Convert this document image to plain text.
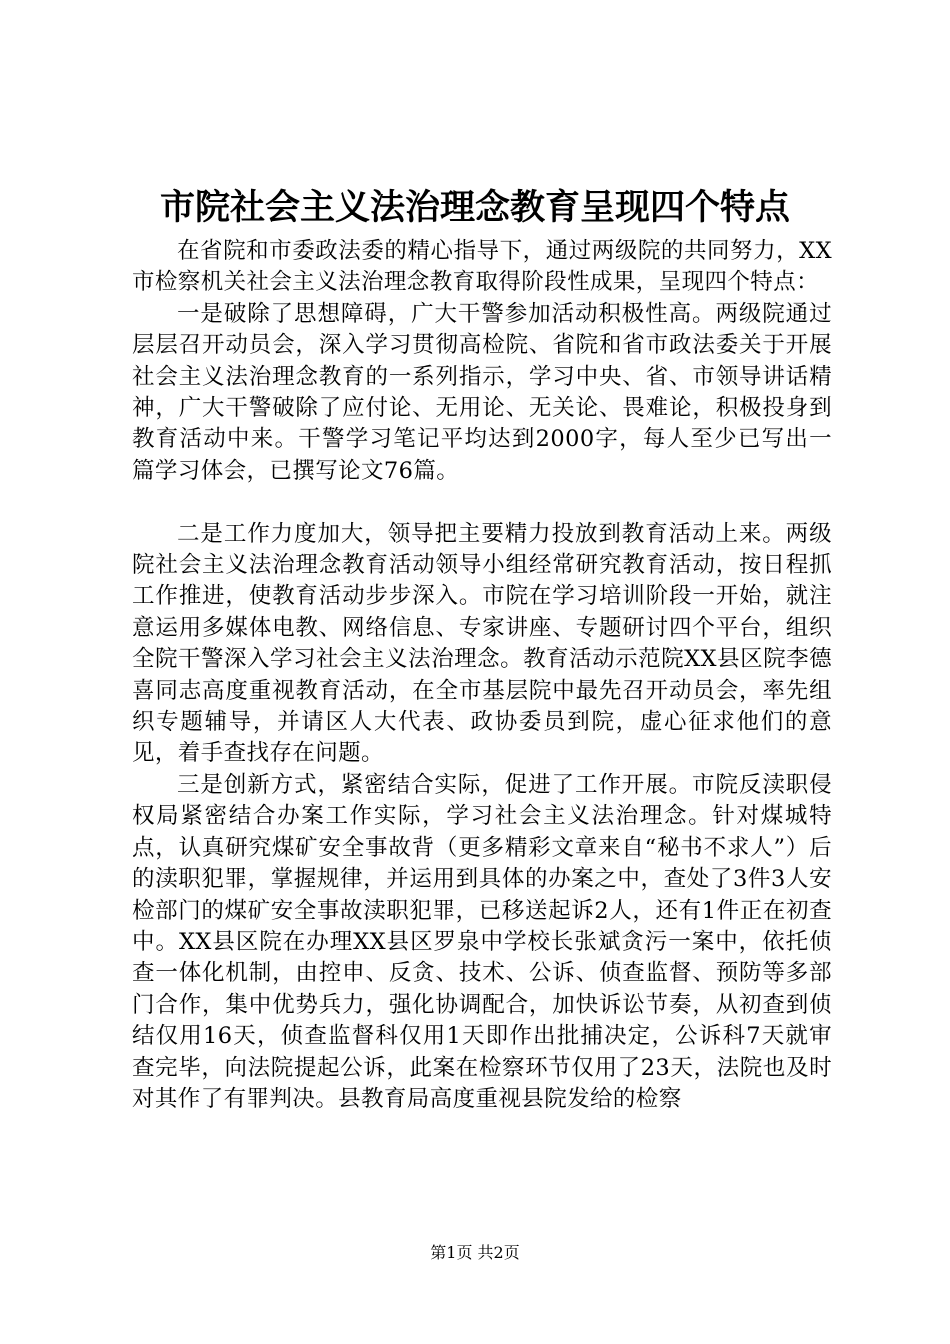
市院社会主义法治理念教育呈现四个特点

在省院和市委政法委的精心指导下，通过两级院的共同努力，XX市检察机关社会主义法治理念教育取得阶段性成果，呈现四个特点：

一是破除了思想障碍，广大干警参加活动积极性高。两级院通过层层召开动员会，深入学习贯彻高检院、省院和省市政法委关于开展社会主义法治理念教育的一系列指示，学习中央、省、市领导讲话精神，广大干警破除了应付论、无用论、无关论、畏难论，积极投身到教育活动中来。干警学习笔记平均达到2000字，每人至少已写出一篇学习体会，已撰写论文76篇。

二是工作力度加大，领导把主要精力投放到教育活动上来。两级院社会主义法治理念教育活动领导小组经常研究教育活动，按日程抓工作推进，使教育活动步步深入。市院在学习培训阶段一开始，就注意运用多媒体电教、网络信息、专家讲座、专题研讨四个平台，组织全院干警深入学习社会主义法治理念。教育活动示范院XX县区院李德喜同志高度重视教育活动，在全市基层院中最先召开动员会，率先组织专题辅导，并请区人大代表、政协委员到院，虚心征求他们的意见，着手查找存在问题。

三是创新方式，紧密结合实际，促进了工作开展。市院反渎职侵权局紧密结合办案工作实际，学习社会主义法治理念。针对煤城特点，认真研究煤矿安全事故背（更多精彩文章来自“秘书不求人”）后的渎职犯罪，掌握规律，并运用到具体的办案之中，查处了3件3人安检部门的煤矿安全事故渎职犯罪，已移送起诉2人，还有1件正在初查中。XX县区院在办理XX县区罗泉中学校长张斌贪污一案中，依托侦查一体化机制，由控申、反贪、技术、公诉、侦查监督、预防等多部门合作，集中优势兵力，强化协调配合，加快诉讼节奏，从初查到侦结仅用16天，侦查监督科仅用1天即作出批捕决定，公诉科7天就审查完毕，向法院提起公诉，此案在检察环节仅用了23天，法院也及时对其作了有罪判决。县教育局高度重视县院发给的检察

第1页 共2页
